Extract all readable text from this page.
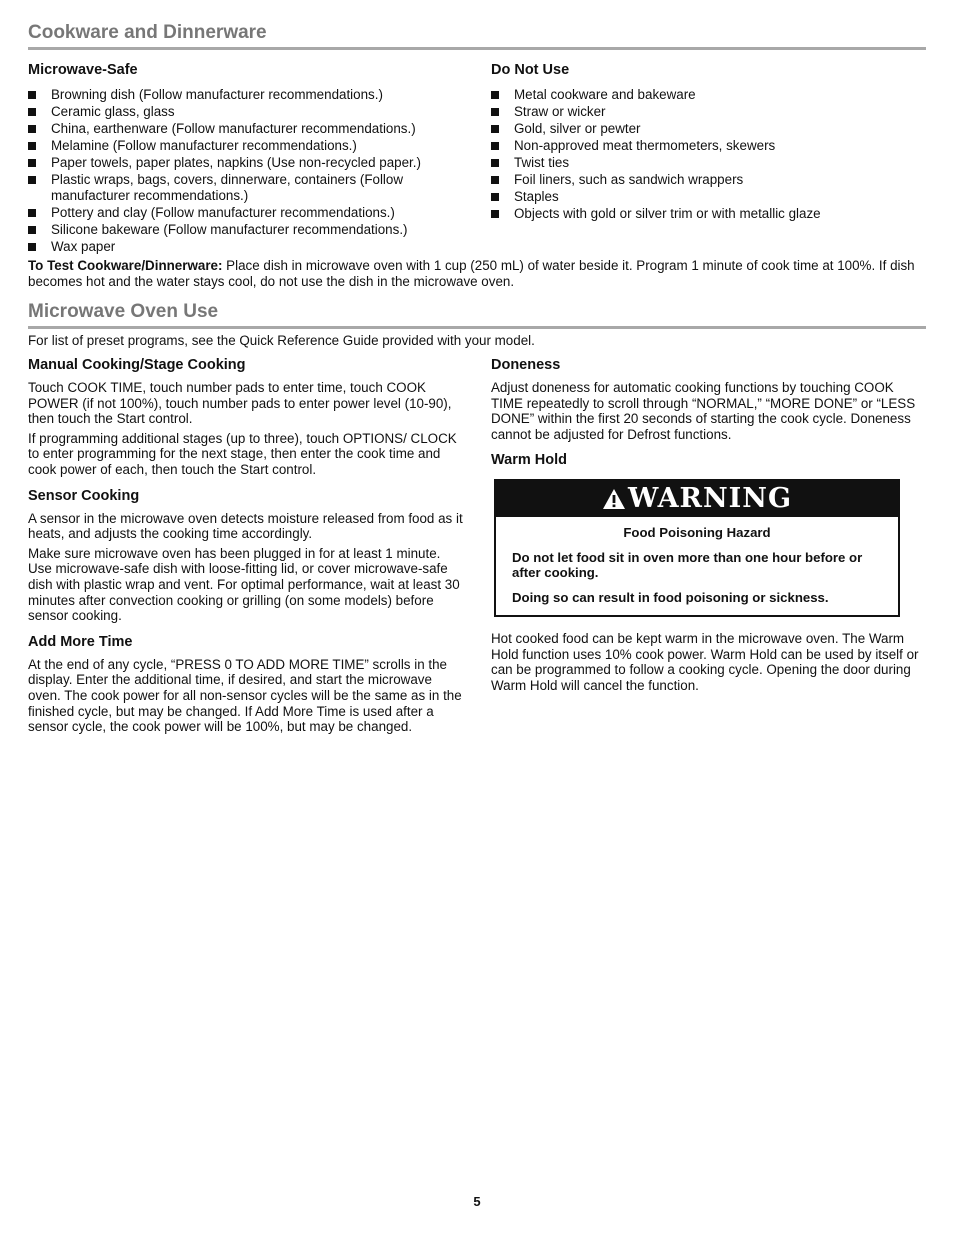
Cookware and Dinnerware
Microwave-Safe
Browning dish (Follow manufacturer recommendations.)
Ceramic glass, glass
China, earthenware (Follow manufacturer recommendations.)
Melamine (Follow manufacturer recommendations.)
Paper towels, paper plates, napkins (Use non-recycled paper.)
Plastic wraps, bags, covers, dinnerware, containers (Follow manufacturer recommendations.)
Pottery and clay (Follow manufacturer recommendations.)
Silicone bakeware (Follow manufacturer recommendations.)
Wax paper
Do Not Use
Metal cookware and bakeware
Straw or wicker
Gold, silver or pewter
Non-approved meat thermometers, skewers
Twist ties
Foil liners, such as sandwich wrappers
Staples
Objects with gold or silver trim or with metallic glaze
To Test Cookware/Dinnerware: Place dish in microwave oven with 1 cup (250 mL) of water beside it. Program 1 minute of cook time at 100%. If dish becomes hot and the water stays cool, do not use the dish in the microwave oven.
Microwave Oven Use
For list of preset programs, see the Quick Reference Guide provided with your model.
Manual Cooking/Stage Cooking

Touch COOK TIME, touch number pads to enter time, touch COOK POWER (if not 100%), touch number pads to enter power level (10-90), then touch the Start control.

If programming additional stages (up to three), touch OPTIONS/ CLOCK to enter programming for the next stage, then enter the cook time and cook power of each, then touch the Start control.

Sensor Cooking

A sensor in the microwave oven detects moisture released from food as it heats, and adjusts the cooking time accordingly.

Make sure microwave oven has been plugged in for at least 1 minute. Use microwave-safe dish with loose-fitting lid, or cover microwave-safe dish with plastic wrap and vent. For optimal performance, wait at least 30 minutes after convection cooking or grilling (on some models) before sensor cooking.

Add More Time

At the end of any cycle, “PRESS 0 TO ADD MORE TIME” scrolls in the display. Enter the additional time, if desired, and start the microwave oven. The cook power for all non-sensor cycles will be the same as in the finished cycle, but may be changed. If Add More Time is used after a sensor cycle, the cook power will be 100%, but may be changed.

Doneness

Adjust doneness for automatic cooking functions by touching COOK TIME repeatedly to scroll through “NORMAL,” “MORE DONE” or “LESS DONE” within the first 20 seconds of starting the cook cycle. Doneness cannot be adjusted for Defrost functions.

Warm Hold
WARNING
Food Poisoning Hazard

Do not let food sit in oven more than one hour before or after cooking.

Doing so can result in food poisoning or sickness.

Hot cooked food can be kept warm in the microwave oven. The Warm Hold function uses 10% cook power. Warm Hold can be used by itself or can be programmed to follow a cooking cycle. Opening the door during Warm Hold will cancel the function.
5
